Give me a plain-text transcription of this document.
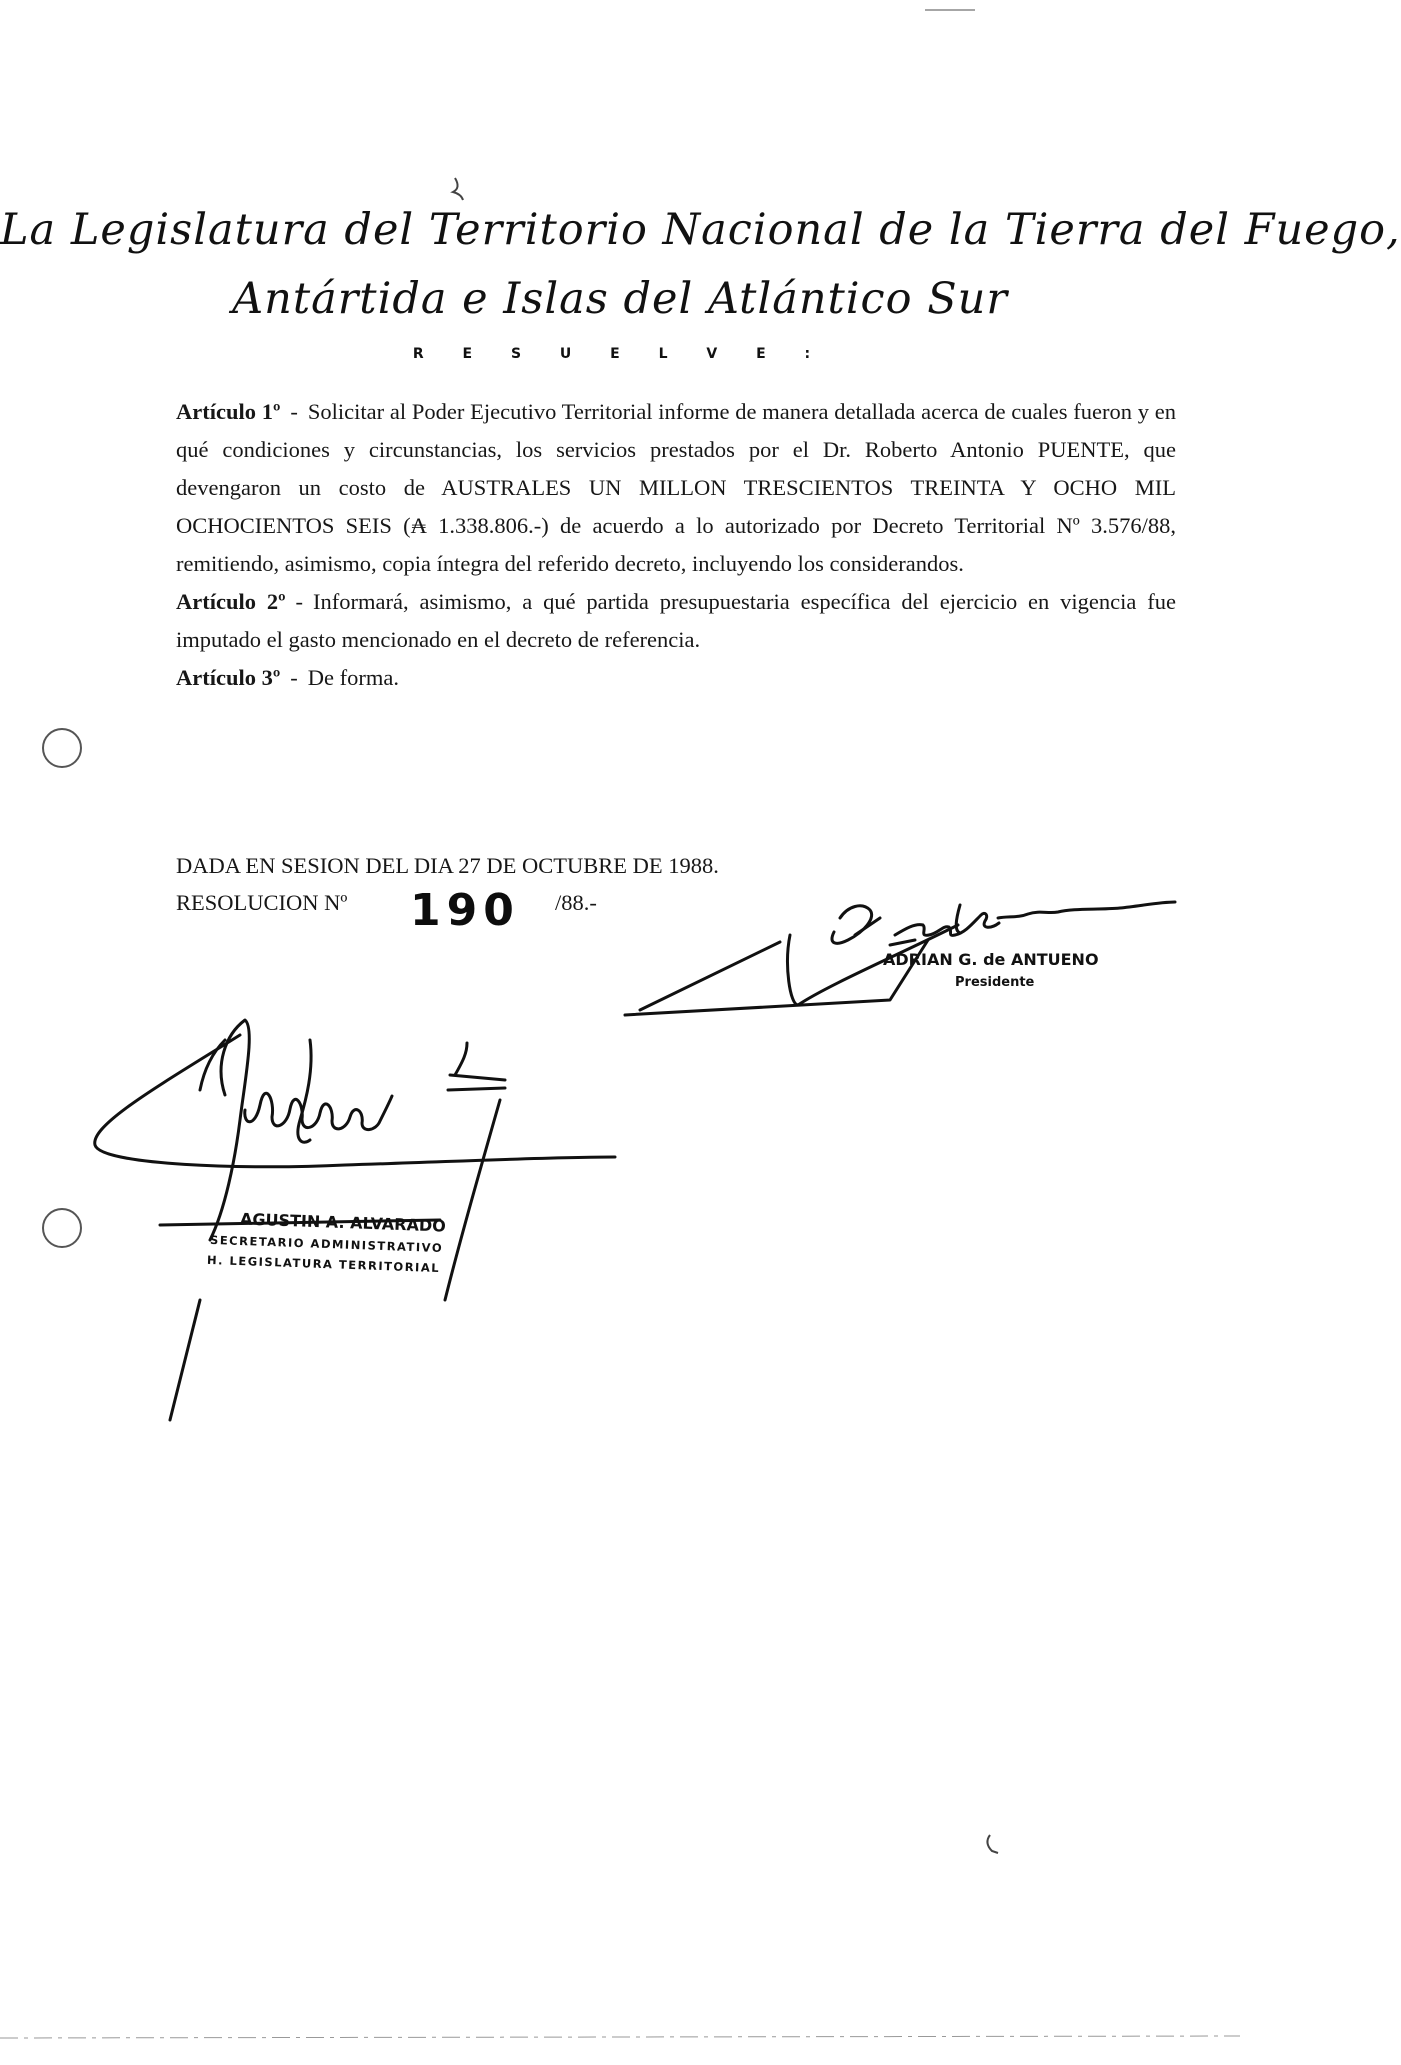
La Legislatura del Territorio Nacional de la Tierra del Fuego,
Antártida e Islas del Atlántico Sur
R E S U E L V E :

Artículo 1º - Solicitar al Poder Ejecutivo Territorial informe de manera detallada acerca de cuales fueron y en qué condiciones y circunstancias, los servicios prestados por el Dr. Roberto Antonio PUENTE, que devengaron un costo de AUSTRALES UN MILLON TRESCIENTOS TREINTA Y OCHO MIL OCHOCIENTOS SEIS (₳ 1.338.806.-) de acuerdo a lo autorizado por Decreto Territorial Nº 3.576/88, remitiendo, asimismo, copia íntegra del referido decreto, incluyendo los considerandos.

Artículo 2º - Informará, asimismo, a qué partida presupuestaria específica del ejercicio en vigencia fue imputado el gasto mencionado en el decreto de referencia.

Artículo 3º - De forma.

DADA EN SESION DEL DIA 27 DE OCTUBRE DE 1988.
RESOLUCION Nº 190 /88.-
ADRIAN G. de ANTUENO
Presidente
AGUSTIN A. ALVARADO
SECRETARIO ADMINISTRATIVO
H. LEGISLATURA TERRITORIAL
